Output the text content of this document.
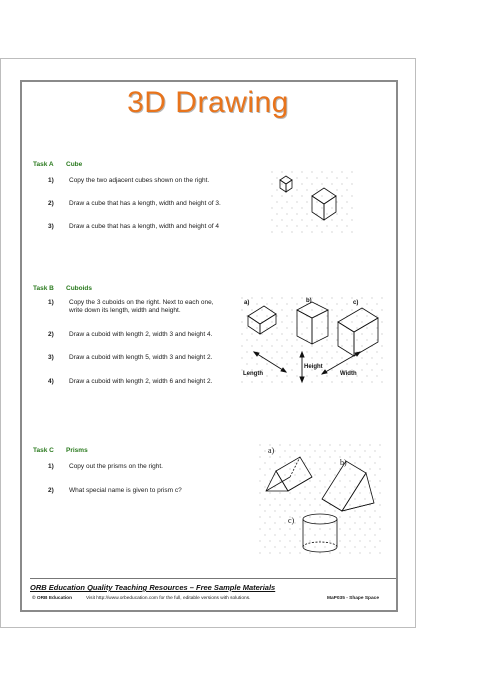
3D Drawing
Task A Cube
1) Copy the two adjacent cubes shown on the right.
2) Draw a cube that has a length, width and height of 3.
3) Draw a cube that has a length, width and height of 4
Task B Cuboids
1) Copy the 3 cuboids on the right. Next to each one,
write down its length, width and height.
2) Draw a cuboid with length 2, width 3 and height 4.
3) Draw a cuboid with length 5, width 3 and height 2.
4) Draw a cuboid with length 2, width 6 and height 2.
Task C Prisms
1) Copy out the prisms on the right.
2) What special name is given to prism c?
a)	b)	c)
Height
Length	Width
a)
b)
c)
ORB Education Quality Teaching Resources – Free Sample Materials
© ORB Education	Visit http://www.orbeducation.com for the full, editable versions with solutions.	MaP035 - Shape Space
